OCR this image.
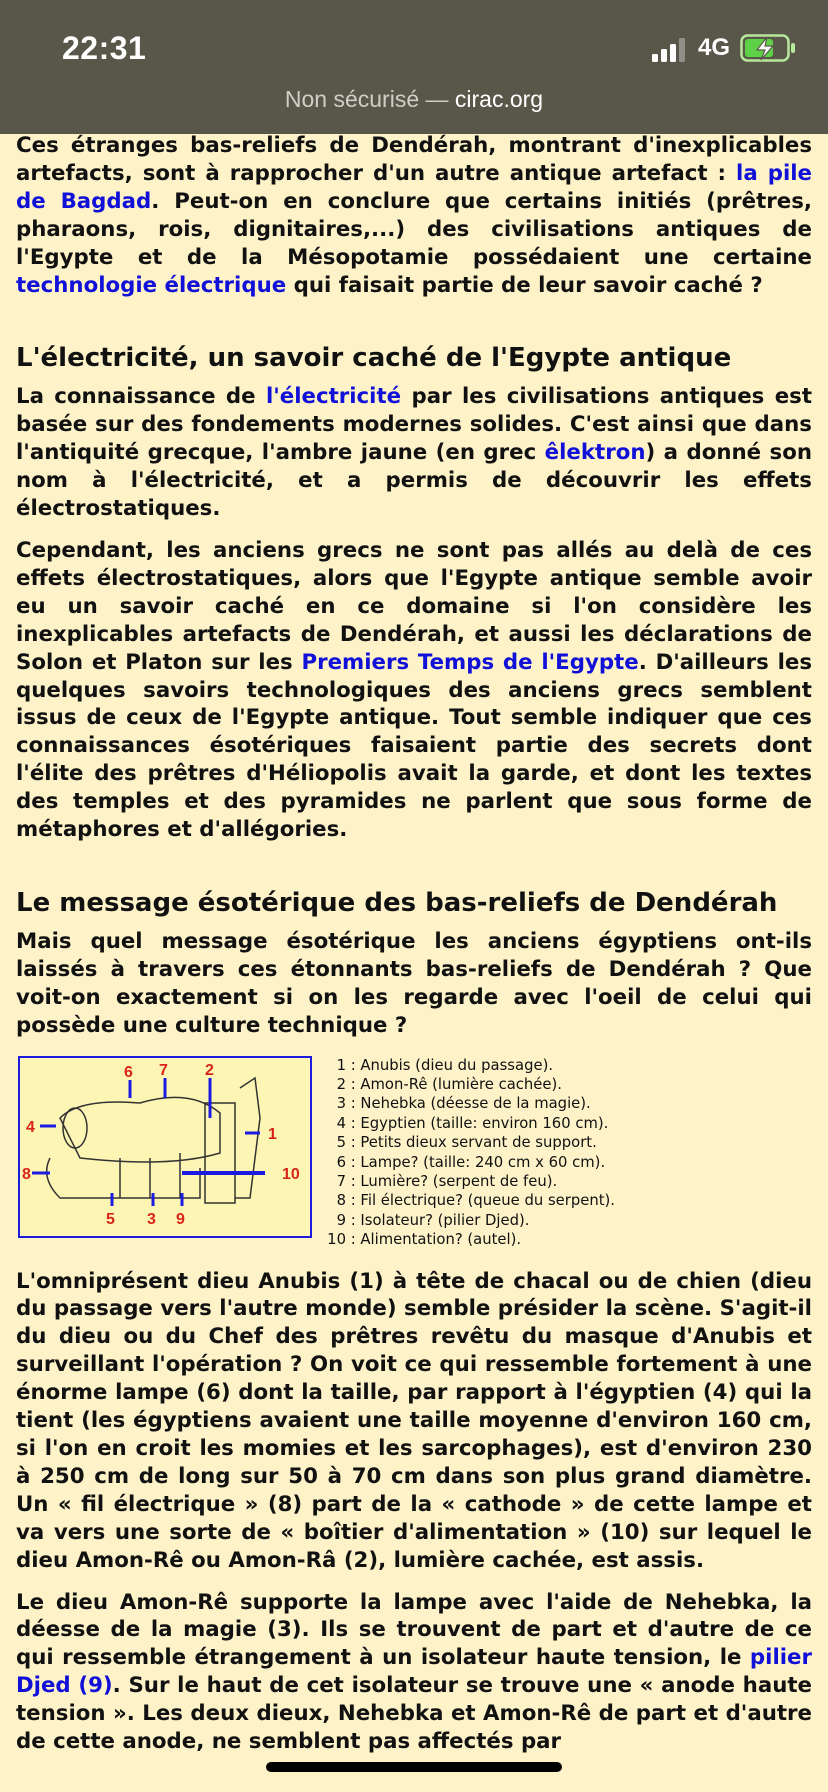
22:31	4G
Non sécurisé — cirac.org

Ces étranges bas-reliefs de Dendérah, montrant d'inexplicables artefacts, sont à rapprocher d'un autre antique artefact : la pile de Bagdad. Peut-on en conclure que certains initiés (prêtres, pharaons, rois, dignitaires,...) des civilisations antiques de l'Egypte et de la Mésopotamie possédaient une certaine technologie électrique qui faisait partie de leur savoir caché ?

L'électricité, un savoir caché de l'Egypte antique

La connaissance de l'électricité par les civilisations antiques est basée sur des fondements modernes solides. C'est ainsi que dans l'antiquité grecque, l'ambre jaune (en grec êlektron) a donné son nom à l'électricité, et a permis de découvrir les effets électrostatiques.

Cependant, les anciens grecs ne sont pas allés au delà de ces effets électrostatiques, alors que l'Egypte antique semble avoir eu un savoir caché en ce domaine si l'on considère les inexplicables artefacts de Dendérah, et aussi les déclarations de Solon et Platon sur les Premiers Temps de l'Egypte. D'ailleurs les quelques savoirs technologiques des anciens grecs semblent issus de ceux de l'Egypte antique. Tout semble indiquer que ces connaissances ésotériques faisaient partie des secrets dont l'élite des prêtres d'Héliopolis avait la garde, et dont les textes des temples et des pyramides ne parlent que sous forme de métaphores et d'allégories.

Le message ésotérique des bas-reliefs de Dendérah

Mais quel message ésotérique les anciens égyptiens ont-ils laissés à travers ces étonnants bas-reliefs de Dendérah ? Que voit-on exactement si on les regarde avec l'oeil de celui qui possède une culture technique ?

1
2
3
4
5
6 7
8
9
10
1 : Anubis (dieu du passage).
2 : Amon-Rê (lumière cachée).
3 : Nehebka (déesse de la magie).
4 : Egyptien (taille: environ 160 cm).
5 : Petits dieux servant de support.
6 : Lampe? (taille: 240 cm x 60 cm).
7 : Lumière? (serpent de feu).
8 : Fil électrique? (queue du serpent).
9 : Isolateur? (pilier Djed).
10 : Alimentation? (autel).

L'omniprésent dieu Anubis (1) à tête de chacal ou de chien (dieu du passage vers l'autre monde) semble présider la scène. S'agit-il du dieu ou du Chef des prêtres revêtu du masque d'Anubis et surveillant l'opération ? On voit ce qui ressemble fortement à une énorme lampe (6) dont la taille, par rapport à l'égyptien (4) qui la tient (les égyptiens avaient une taille moyenne d'environ 160 cm, si l'on en croit les momies et les sarcophages), est d'environ 230 à 250 cm de long sur 50 à 70 cm dans son plus grand diamètre. Un « fil électrique » (8) part de la « cathode » de cette lampe et va vers une sorte de « boîtier d'alimentation » (10) sur lequel le dieu Amon-Rê ou Amon-Râ (2), lumière cachée, est assis.

Le dieu Amon-Rê supporte la lampe avec l'aide de Nehebka, la déesse de la magie (3). Ils se trouvent de part et d'autre de ce qui ressemble étrangement à un isolateur haute tension, le pilier Djed (9). Sur le haut de cet isolateur se trouve une « anode haute tension ». Les deux dieux, Nehebka et Amon-Rê de part et d'autre de cette anode, ne semblent pas affectés par
